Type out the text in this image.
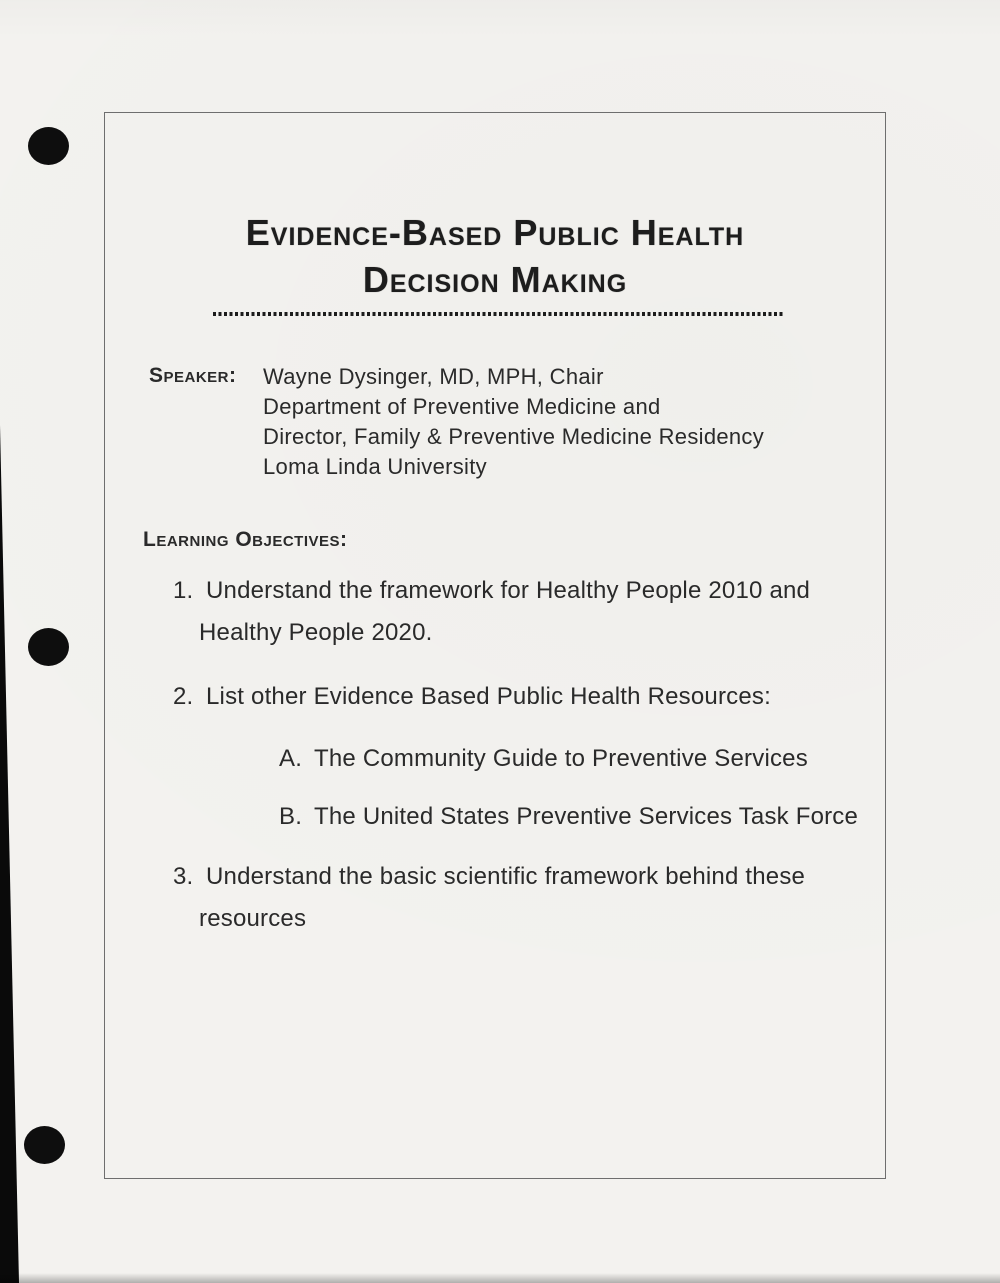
Evidence-Based Public Health
Decision Making
Speaker: Wayne Dysinger, MD, MPH, Chair
Department of Preventive Medicine and
Director, Family & Preventive Medicine Residency
Loma Linda University
Learning Objectives:
1. Understand the framework for Healthy People 2010 and
Healthy People 2020.
2. List other Evidence Based Public Health Resources:
A. The Community Guide to Preventive Services
B. The United States Preventive Services Task Force
3. Understand the basic scientific framework behind these
resources
